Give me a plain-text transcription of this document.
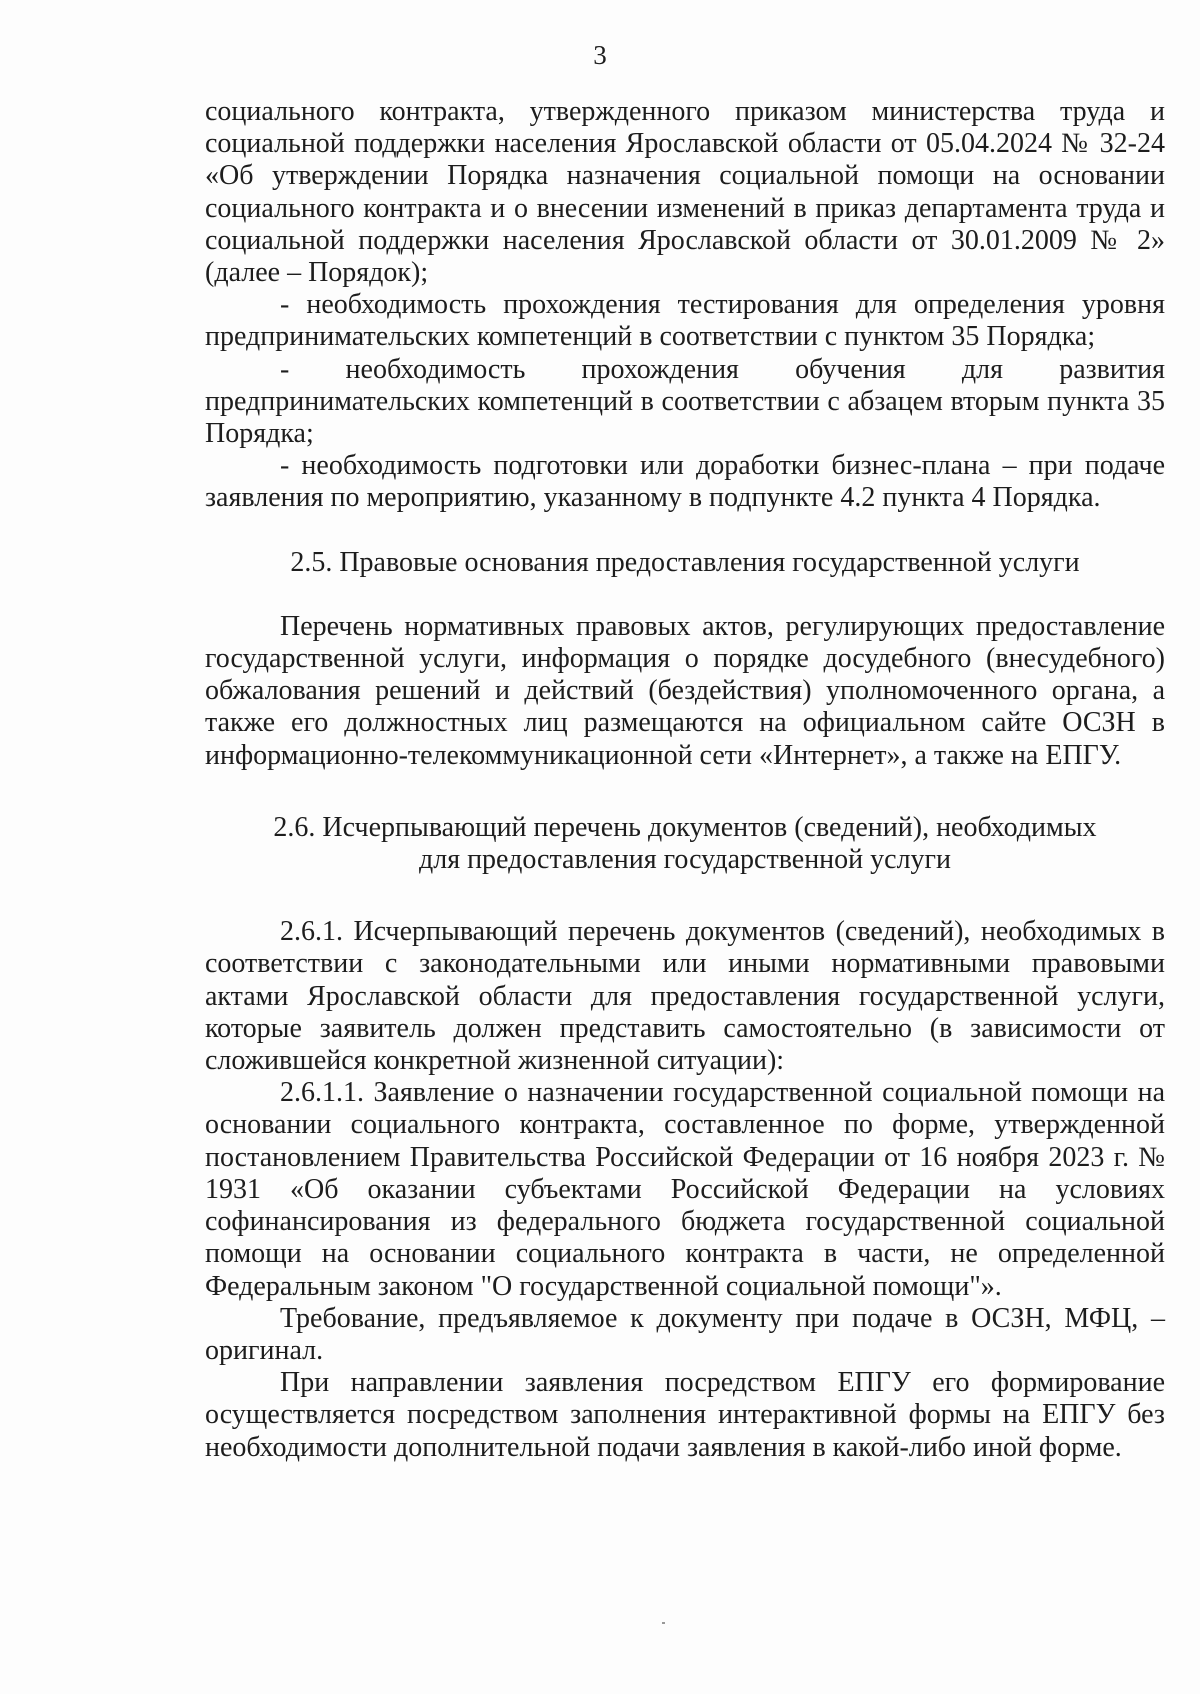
3

социального контракта, утвержденного приказом министерства труда и социальной поддержки населения Ярославской области от 05.04.2024 № 32-24 «Об утверждении Порядка назначения социальной помощи на основании социального контракта и о внесении изменений в приказ департамента труда и социальной поддержки населения Ярославской области от 30.01.2009 № 2» (далее – Порядок);

- необходимость прохождения тестирования для определения уровня предпринимательских компетенций в соответствии с пунктом 35 Порядка;

- необходимость прохождения обучения для развития предпринимательских компетенций в соответствии с абзацем вторым пункта 35 Порядка;

- необходимость подготовки или доработки бизнес-плана – при подаче заявления по мероприятию, указанному в подпункте 4.2 пункта 4 Порядка.

2.5. Правовые основания предоставления государственной услуги

Перечень нормативных правовых актов, регулирующих предоставление государственной услуги, информация о порядке досудебного (внесудебного) обжалования решений и действий (бездействия) уполномоченного органа, а также его должностных лиц размещаются на официальном сайте ОСЗН в информационно-телекоммуникационной сети «Интернет», а также на ЕПГУ.

2.6. Исчерпывающий перечень документов (сведений), необходимых

для предоставления государственной услуги

2.6.1. Исчерпывающий перечень документов (сведений), необходимых в соответствии с законодательными или иными нормативными правовыми актами Ярославской области для предоставления государственной услуги, которые заявитель должен представить самостоятельно (в зависимости от сложившейся конкретной жизненной ситуации):

2.6.1.1. Заявление о назначении государственной социальной помощи на основании социального контракта, составленное по форме, утвержденной постановлением Правительства Российской Федерации от 16 ноября 2023 г. № 1931 «Об оказании субъектами Российской Федерации на условиях софинансирования из федерального бюджета государственной социальной помощи на основании социального контракта в части, не определенной Федеральным законом "О государственной социальной помощи"».

Требование, предъявляемое к документу при подаче в ОСЗН, МФЦ, – оригинал.

При направлении заявления посредством ЕПГУ его формирование осуществляется посредством заполнения интерактивной формы на ЕПГУ без необходимости дополнительной подачи заявления в какой-либо иной форме.
